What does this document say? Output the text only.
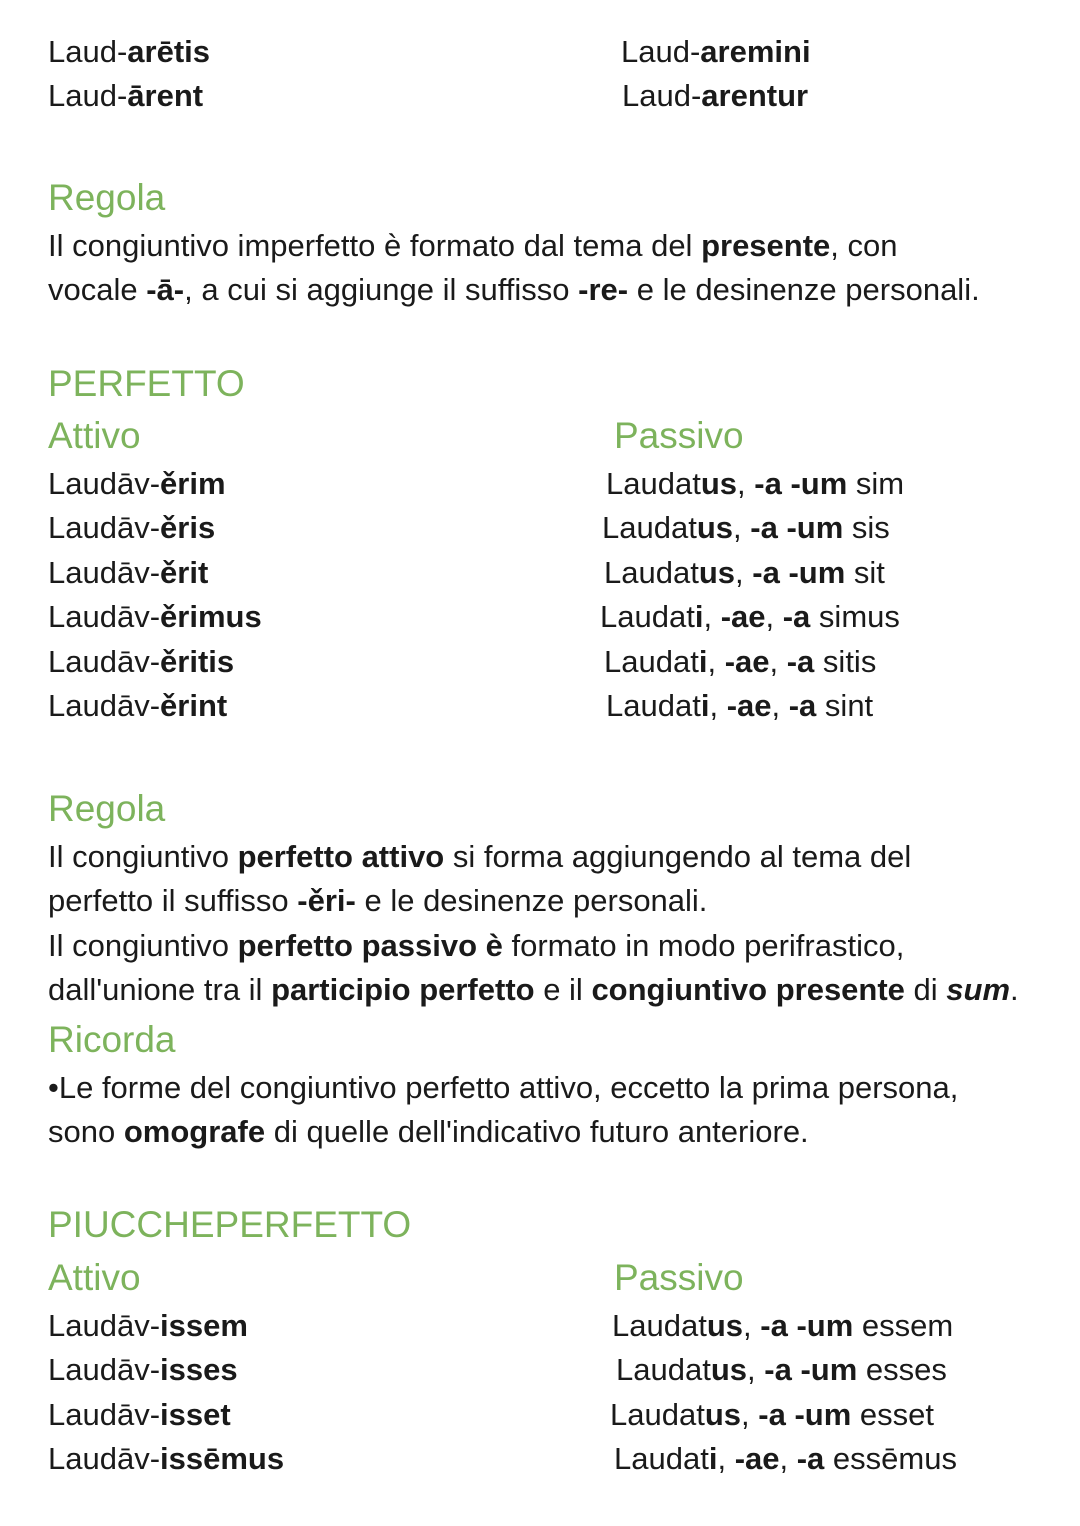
Laud-arētis
Laud-ārent
Laud-aremini
Laud-arentur
Regola
Il congiuntivo imperfetto è formato dal tema del presente, con
vocale -ā-, a cui si aggiunge il suffisso -re- e le desinenze personali.
PERFETTO
Attivo	Passivo
Laudāv-ěrim
Laudāv-ěris
Laudāv-ěrit
Laudāv-ěrimus
Laudāv-ěritis
Laudāv-ěrint
Laudatus, -a -um sim
Laudatus, -a -um sis
Laudatus, -a -um sit
Laudati, -ae, -a simus
Laudati, -ae, -a sitis
Laudati, -ae, -a sint
Regola
Il congiuntivo perfetto attivo si forma aggiungendo al tema del
perfetto il suffisso -ěri- e le desinenze personali.
Il congiuntivo perfetto passivo è formato in modo perifrastico,
dall'unione tra il participio perfetto e il congiuntivo presente di sum.
Ricorda
•Le forme del congiuntivo perfetto attivo, eccetto la prima persona,
sono omografe di quelle dell'indicativo futuro anteriore.
PIUCCHEPERFETTO
Attivo	Passivo
Laudāv-issem
Laudāv-isses
Laudāv-isset
Laudāv-issēmus
Laudatus, -a -um essem
Laudatus, -a -um esses
Laudatus, -a -um esset
Laudati, -ae, -a essēmus
